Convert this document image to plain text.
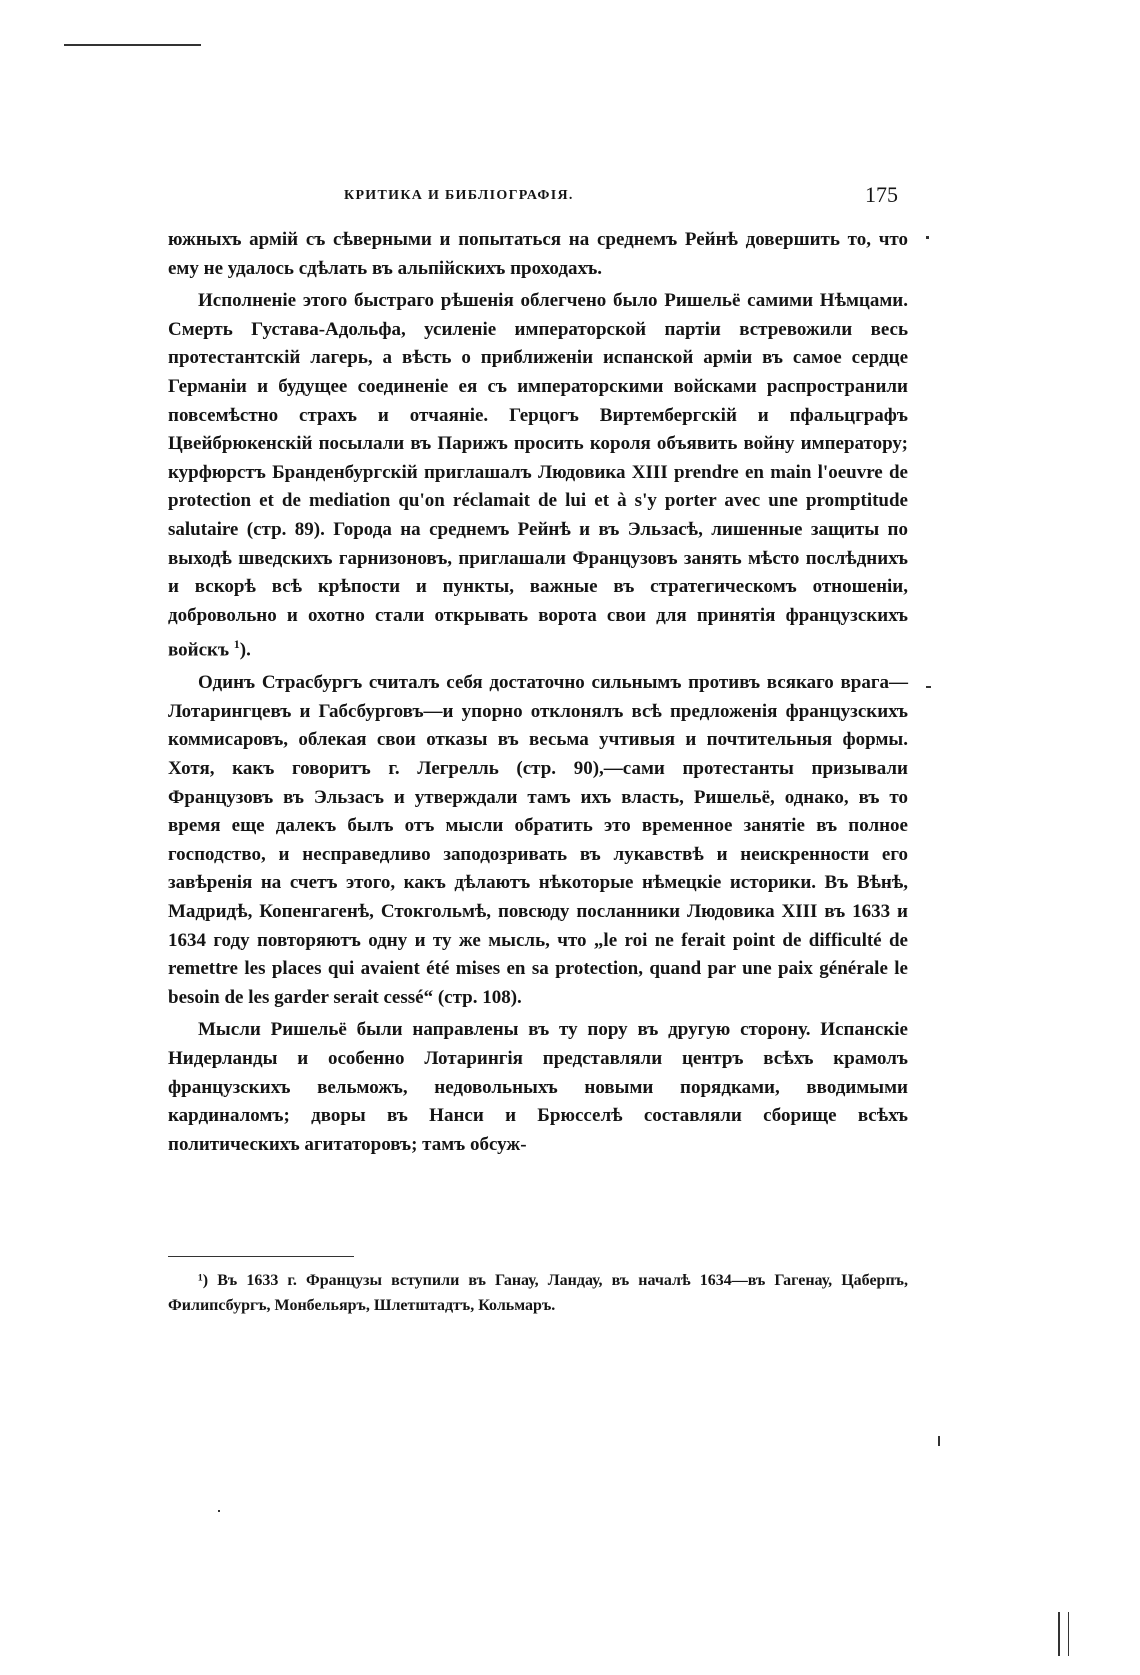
КРИТИКА И БИБЛІОГРАФІЯ.	175

южныхъ армій съ сѣверными и попытаться на среднемъ Рейнѣ довершить то, что ему не удалось сдѣлать въ альпійскихъ проходахъ.

Исполненіе этого быстраго рѣшенія облегчено было Ришельё самими Нѣмцами. Смерть Густава-Адольфа, усиленіе императорской партіи встревожили весь протестантскій лагерь, а вѣсть о приближеніи испанской арміи въ самое сердце Германіи и будущее соединеніе ея съ императорскими войсками распространили повсемѣстно страхъ и отчаяніе. Герцогъ Виртембергскій и пфальцграфъ Цвейбрюкенскій посылали въ Парижъ просить короля объявить войну императору; курфюрстъ Бранденбургскій приглашалъ Людовика XIII prendre en main l'oeuvre de protection et de mediation qu'on réclamait de lui et à s'y porter avec une promptitude salutaire (стр. 89). Города на среднемъ Рейнѣ и въ Эльзасѣ, лишенные защиты по выходѣ шведскихъ гарнизоновъ, приглашали Французовъ занять мѣсто послѣднихъ и вскорѣ всѣ крѣпости и пункты, важные въ стратегическомъ отношеніи, добровольно и охотно стали открывать ворота свои для принятія французскихъ войскъ $^1$).

Одинъ Страсбургъ считалъ себя достаточно сильнымъ противъ всякаго врага—Лотарингцевъ и Габсбурговъ—и упорно отклонялъ всѣ предложенія французскихъ коммисаровъ, облекая свои отказы въ весьма учтивыя и почтительныя формы. Хотя, какъ говоритъ г. Легрелль (стр. 90),—сами протестанты призывали Французовъ въ Эльзасъ и утверждали тамъ ихъ власть, Ришельё, однако, въ то время еще далекъ былъ отъ мысли обратить это временное занятіе въ полное господство, и несправедливо заподозривать въ лукавствѣ и неискренности его завѣренія на счетъ этого, какъ дѣлаютъ нѣкоторые нѣмецкіе историки. Въ Вѣнѣ, Мадридѣ, Копенгагенѣ, Стокгольмѣ, повсюду посланники Людовика XIII въ 1633 и 1634 году повторяютъ одну и ту же мысль, что „le roi ne ferait point de difficulté de remettre les places qui avaient été mises en sa protection, quand par une paix générale le besoin de les garder serait cessé“ (стр. 108).

Мысли Ришельё были направлены въ ту пору въ другую сторону. Испанскіе Нидерланды и особенно Лотарингія представляли центръ всѣхъ крамолъ французскихъ вельможъ, недовольныхъ новыми порядками, вводимыми кардиналомъ; дворы въ Нанси и Брюсселѣ составляли сборище всѣхъ политическихъ агитаторовъ; тамъ обсуж-

¹) Въ 1633 г. Французы вступили въ Ганау, Ландау, въ началѣ 1634—въ Гагенау, Цаберпъ, Филипсбургъ, Монбельяръ, Шлетштадтъ, Кольмаръ.
